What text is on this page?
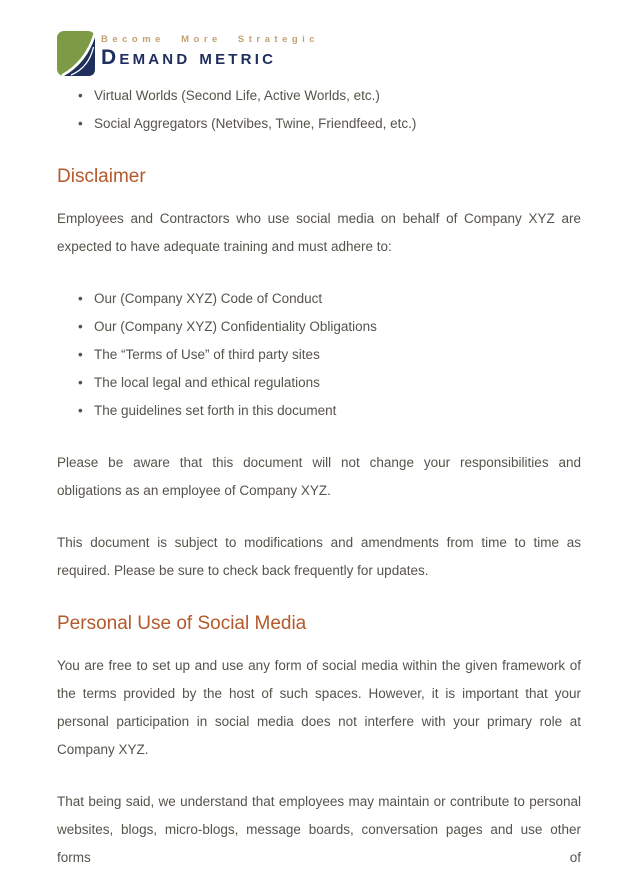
Become More Strategic
Demand metric
• Virtual Worlds (Second Life, Active Worlds, etc.)
• Social Aggregators (Netvibes, Twine, Friendfeed, etc.)
Disclaimer

Employees and Contractors who use social media on behalf of Company XYZ are expected to have adequate training and must adhere to:

• Our (Company XYZ) Code of Conduct
• Our (Company XYZ) Confidentiality Obligations
• The “Terms of Use” of third party sites
• The local legal and ethical regulations
• The guidelines set forth in this document

Please be aware that this document will not change your responsibilities and obligations as an employee of Company XYZ.

This document is subject to modifications and amendments from time to time as required. Please be sure to check back frequently for updates.

Personal Use of Social Media

You are free to set up and use any form of social media within the given framework of the terms provided by the host of such spaces. However, it is important that your personal participation in social media does not interfere with your primary role at Company XYZ.

That being said, we understand that employees may maintain or contribute to personal websites, blogs, micro-blogs, message boards, conversation pages and use other forms of
